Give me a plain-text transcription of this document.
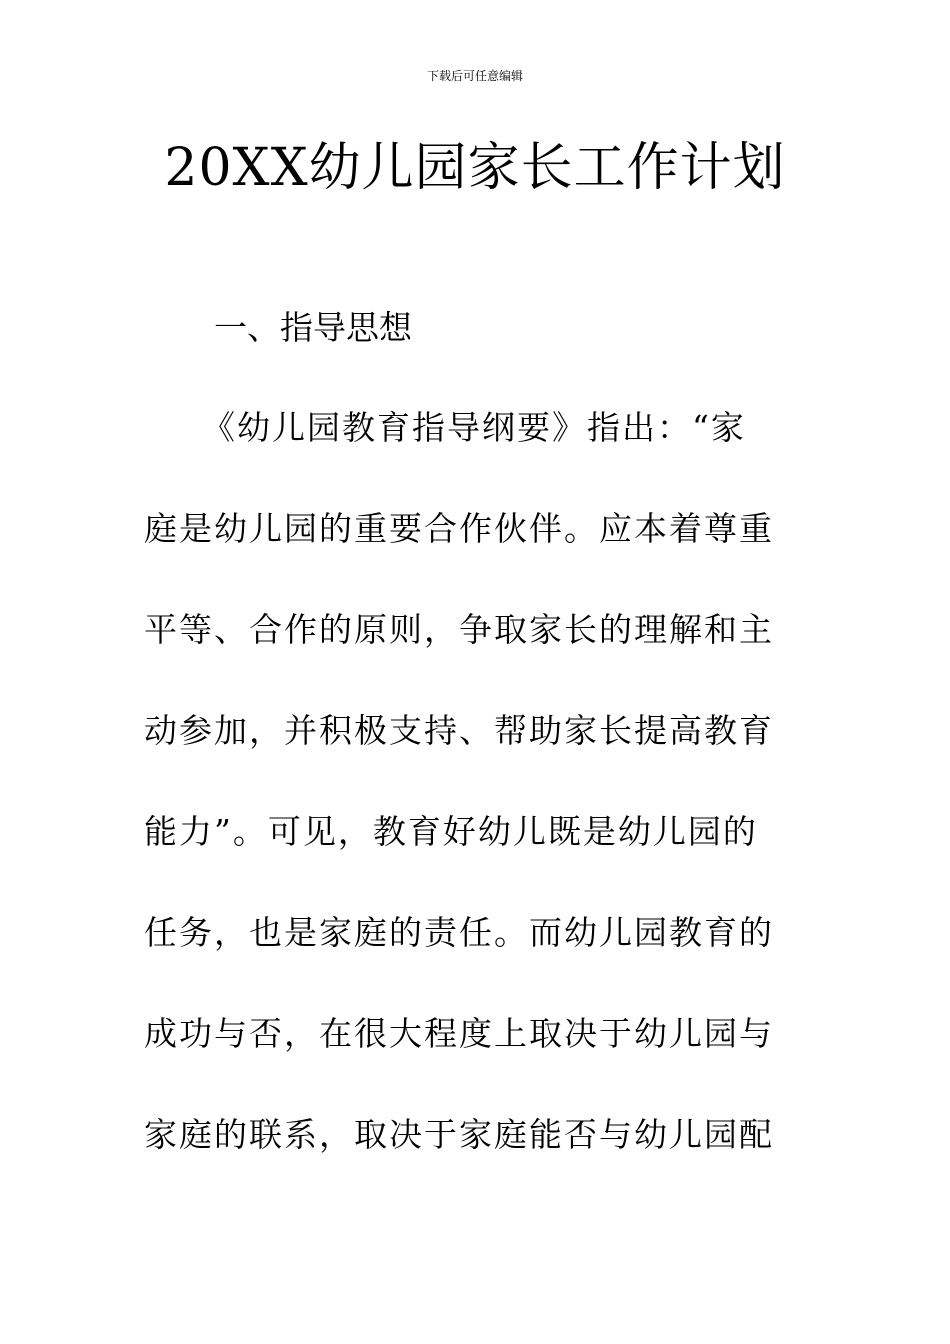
下载后可任意编辑
20XX幼儿园家长工作计划
一、指导思想
《幼儿园教育指导纲要》指出：“家
庭是幼儿园的重要合作伙伴。应本着尊重
平等、合作的原则，争取家长的理解和主
动参加，并积极支持、帮助家长提高教育
能力”。可见，教育好幼儿既是幼儿园的
任务，也是家庭的责任。而幼儿园教育的
成功与否，在很大程度上取决于幼儿园与
家庭的联系，取决于家庭能否与幼儿园配
